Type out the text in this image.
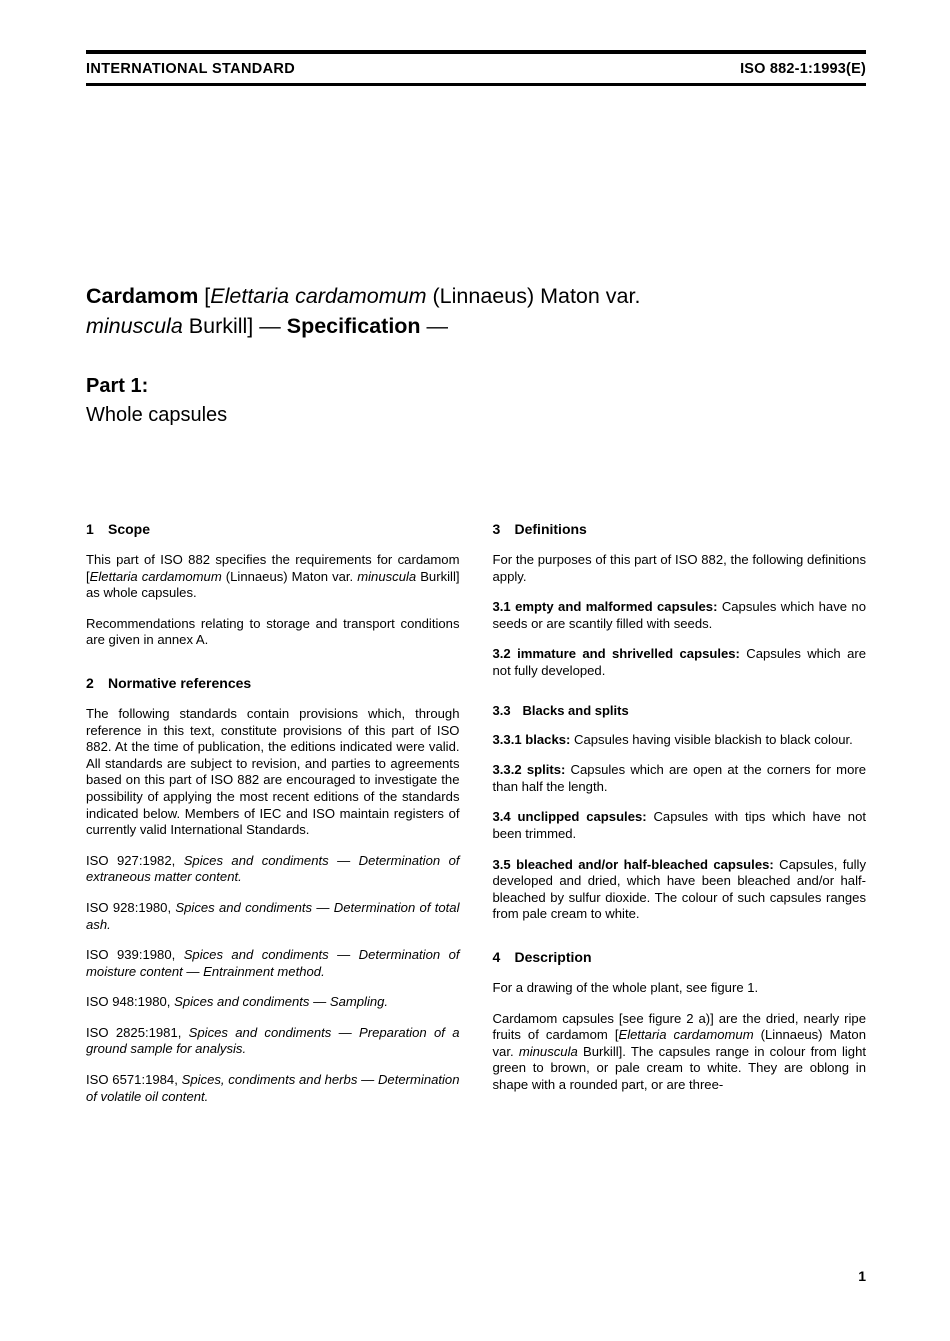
INTERNATIONAL STANDARD	ISO 882-1:1993(E)
Cardamom [Elettaria cardamomum (Linnaeus) Maton var.
minuscula Burkill] — Specification —
Part 1:
Whole capsules
1 Scope

This part of ISO 882 specifies the requirements for cardamom [Elettaria cardamomum (Linnaeus) Maton var. minuscula Burkill] as whole capsules.

Recommendations relating to storage and transport conditions are given in annex A.

2 Normative references

The following standards contain provisions which, through reference in this text, constitute provisions of this part of ISO 882. At the time of publication, the editions indicated were valid. All standards are subject to revision, and parties to agreements based on this part of ISO 882 are encouraged to investigate the possibility of applying the most recent editions of the standards indicated below. Members of IEC and ISO maintain registers of currently valid International Standards.

ISO 927:1982, Spices and condiments — Determination of extraneous matter content.

ISO 928:1980, Spices and condiments — Determination of total ash.

ISO 939:1980, Spices and condiments — Determination of moisture content — Entrainment method.

ISO 948:1980, Spices and condiments — Sampling.

ISO 2825:1981, Spices and condiments — Preparation of a ground sample for analysis.

ISO 6571:1984, Spices, condiments and herbs — Determination of volatile oil content.

3 Definitions

For the purposes of this part of ISO 882, the following definitions apply.

3.1 empty and malformed capsules: Capsules which have no seeds or are scantily filled with seeds.

3.2 immature and shrivelled capsules: Capsules which are not fully developed.

3.3 Blacks and splits

3.3.1 blacks: Capsules having visible blackish to black colour.

3.3.2 splits: Capsules which are open at the corners for more than half the length.

3.4 unclipped capsules: Capsules with tips which have not been trimmed.

3.5 bleached and/or half-bleached capsules: Capsules, fully developed and dried, which have been bleached and/or half-bleached by sulfur dioxide. The colour of such capsules ranges from pale cream to white.

4 Description

For a drawing of the whole plant, see figure 1.

Cardamom capsules [see figure 2 a)] are the dried, nearly ripe fruits of cardamom [Elettaria cardamomum (Linnaeus) Maton var. minuscula Burkill]. The capsules range in colour from light green to brown, or pale cream to white. They are oblong in shape with a rounded part, or are three-

1
